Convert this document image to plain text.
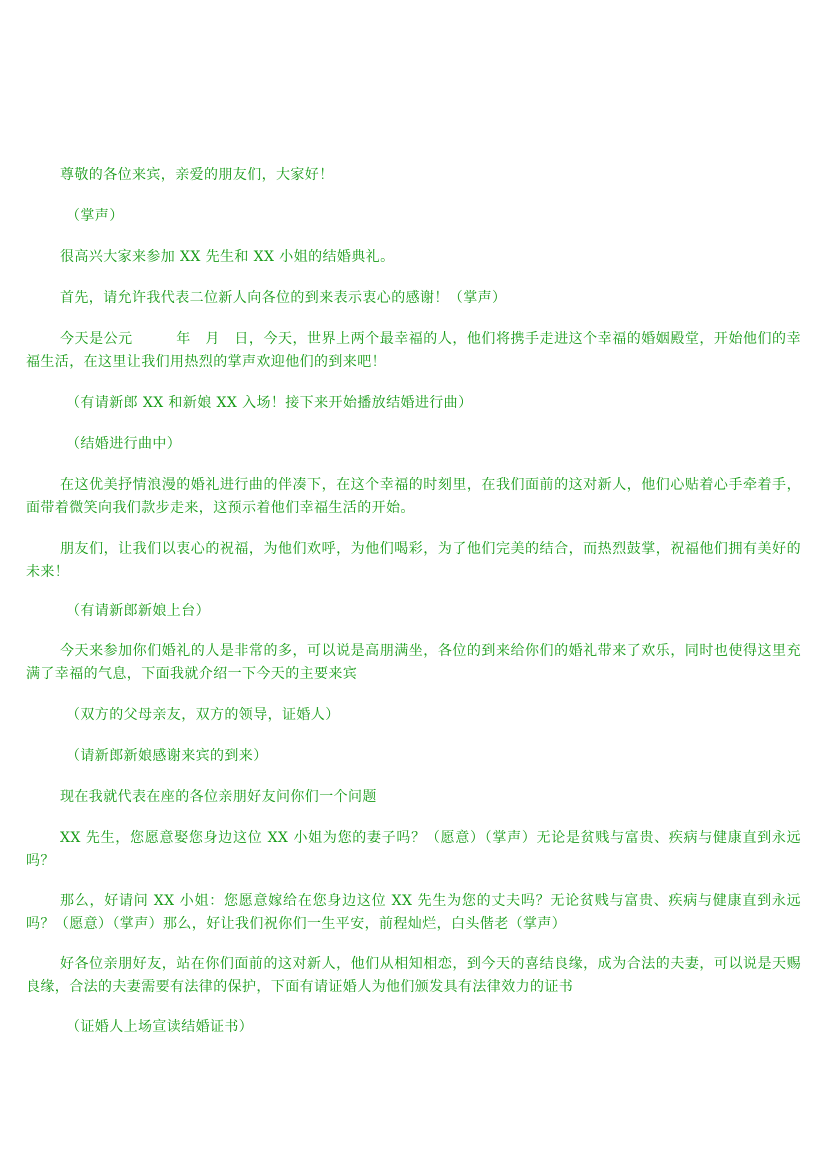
尊敬的各位来宾，亲爱的朋友们，大家好！

（掌声）

很高兴大家来参加 XX 先生和 XX 小姐的结婚典礼。

首先，请允许我代表二位新人向各位的到来表示衷心的感谢！（掌声）

今天是公元　　　年　月　日，今天，世界上两个最幸福的人，他们将携手走进这个幸福的婚姻殿堂，开始他们的幸福生活，在这里让我们用热烈的掌声欢迎他们的到来吧！

（有请新郎 XX 和新娘 XX 入场！接下来开始播放结婚进行曲）

（结婚进行曲中）

在这优美抒情浪漫的婚礼进行曲的伴凑下，在这个幸福的时刻里，在我们面前的这对新人，他们心贴着心手牵着手，面带着微笑向我们款步走来，这预示着他们幸福生活的开始。

朋友们，让我们以衷心的祝福，为他们欢呼，为他们喝彩，为了他们完美的结合，而热烈鼓掌，祝福他们拥有美好的未来！

（有请新郎新娘上台）

今天来参加你们婚礼的人是非常的多，可以说是高朋满坐，各位的到来给你们的婚礼带来了欢乐，同时也使得这里充满了幸福的气息，下面我就介绍一下今天的主要来宾

（双方的父母亲友，双方的领导，证婚人）

（请新郎新娘感谢来宾的到来）

现在我就代表在座的各位亲朋好友问你们一个问题

XX 先生，您愿意娶您身边这位 XX 小姐为您的妻子吗？（愿意）（掌声）无论是贫贱与富贵、疾病与健康直到永远吗？

那么，好请问 XX 小姐：您愿意嫁给在您身边这位 XX 先生为您的丈夫吗？无论贫贱与富贵、疾病与健康直到永远吗？（愿意）（掌声）那么，好让我们祝你们一生平安，前程灿烂，白头偕老（掌声）

好各位亲朋好友，站在你们面前的这对新人，他们从相知相恋，到今天的喜结良缘，成为合法的夫妻，可以说是天赐良缘，合法的夫妻需要有法律的保护，下面有请证婚人为他们颁发具有法律效力的证书

（证婚人上场宣读结婚证书）
